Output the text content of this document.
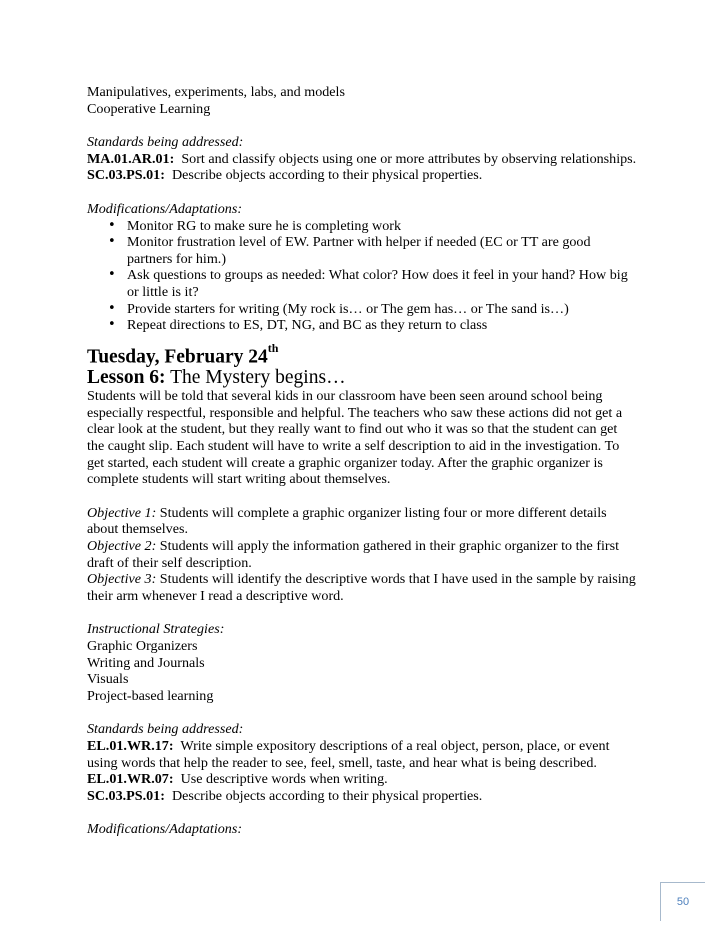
Manipulatives, experiments, labs, and models
Cooperative Learning
Standards being addressed:
MA.01.AR.01: Sort and classify objects using one or more attributes by observing relationships.
SC.03.PS.01: Describe objects according to their physical properties.
Modifications/Adaptations:
• Monitor RG to make sure he is completing work
• Monitor frustration level of EW. Partner with helper if needed (EC or TT are good
partners for him.)
• Ask questions to groups as needed: What color? How does it feel in your hand? How big
or little is it?
• Provide starters for writing (My rock is… or The gem has… or The sand is…)
• Repeat directions to ES, DT, NG, and BC as they return to class
Tuesday, February 24th
Lesson 6: The Mystery begins…
Students will be told that several kids in our classroom have been seen around school being
especially respectful, responsible and helpful. The teachers who saw these actions did not get a
clear look at the student, but they really want to find out who it was so that the student can get
the caught slip. Each student will have to write a self description to aid in the investigation. To
get started, each student will create a graphic organizer today. After the graphic organizer is
complete students will start writing about themselves.
Objective 1: Students will complete a graphic organizer listing four or more different details
about themselves.
Objective 2: Students will apply the information gathered in their graphic organizer to the first
draft of their self description.
Objective 3: Students will identify the descriptive words that I have used in the sample by raising
their arm whenever I read a descriptive word.
Instructional Strategies:
Graphic Organizers
Writing and Journals
Visuals
Project-based learning
Standards being addressed:
EL.01.WR.17: Write simple expository descriptions of a real object, person, place, or event
using words that help the reader to see, feel, smell, taste, and hear what is being described.
EL.01.WR.07: Use descriptive words when writing.
SC.03.PS.01: Describe objects according to their physical properties.
Modifications/Adaptations:
50
